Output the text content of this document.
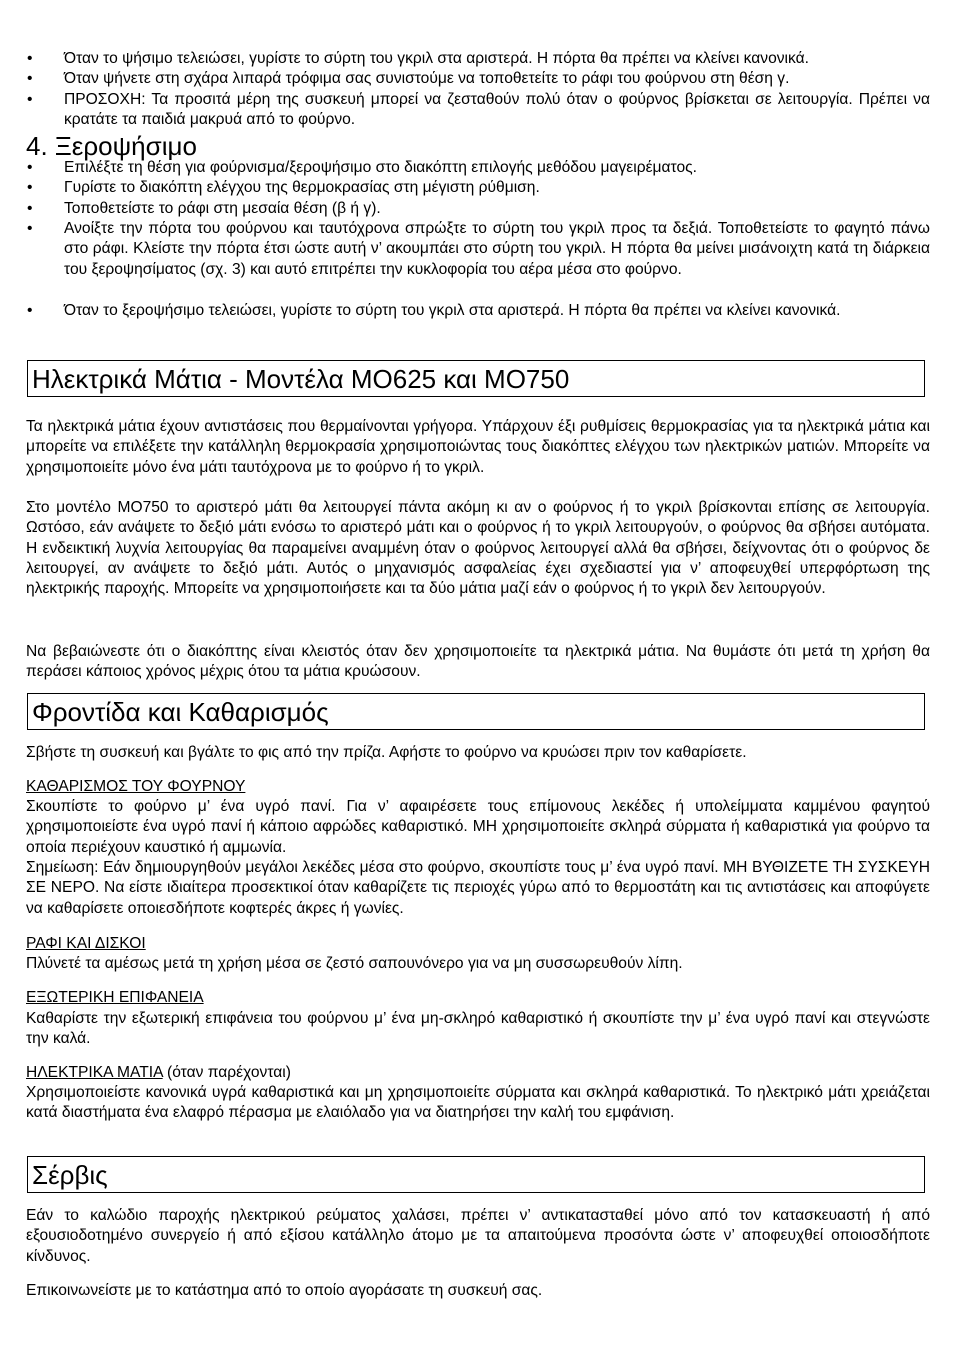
• Όταν το ψήσιμο τελειώσει, γυρίστε το σύρτη του γκριλ στα αριστερά. Η πόρτα θα πρέπει να κλείνει κανονικά.
• Όταν ψήνετε στη σχάρα λιπαρά τρόφιμα σας συνιστούμε να τοποθετείτε το ράφι του φούρνου στη θέση γ.
• ΠΡΟΣΟΧΗ: Τα προσιτά μέρη της συσκευή μπορεί να ζεσταθούν πολύ όταν ο φούρνος βρίσκεται σε λειτουργία. Πρέπει να κρατάτε τα παιδιά μακρυά από το φούρνο.
4. Ξεροψήσιμο
• Επιλέξτε τη θέση για φούρνισμα/ξεροψήσιμο στο διακόπτη επιλογής μεθόδου μαγειρέματος.
• Γυρίστε το διακόπτη ελέγχου της θερμοκρασίας στη μέγιστη ρύθμιση.
• Τοποθετείστε το ράφι στη μεσαία θέση (β ή γ).
• Ανοίξτε την πόρτα του φούρνου και ταυτόχρονα σπρώξτε το σύρτη του γκριλ προς τα δεξιά. Τοποθετείστε το φαγητό πάνω στο ράφι. Κλείστε την πόρτα έτσι ώστε αυτή ν’ ακουμπάει στο σύρτη του γκριλ. Η πόρτα θα μείνει μισάνοιχτη κατά τη διάρκεια του ξεροψησίματος (σχ. 3) και αυτό επιτρέπει την κυκλοφορία του αέρα μέσα στο φούρνο.
• Όταν το ξεροψήσιμο τελειώσει, γυρίστε το σύρτη του γκριλ στα αριστερά. Η πόρτα θα πρέπει να κλείνει κανονικά.
Ηλεκτρικά Μάτια - Μοντέλα MO625 και MO750
Τα ηλεκτρικά μάτια έχουν αντιστάσεις που θερμαίνονται γρήγορα. Υπάρχουν έξι ρυθμίσεις θερμοκρασίας για τα ηλεκτρικά μάτια και μπορείτε να επιλέξετε την κατάλληλη θερμοκρασία χρησιμοποιώντας τους διακόπτες ελέγχου των ηλεκτρικών ματιών. Μπορείτε να χρησιμοποιείτε μόνο ένα μάτι ταυτόχρονα με το φούρνο ή το γκριλ.
Στο μοντέλο MO750 το αριστερό μάτι θα λειτουργεί πάντα ακόμη κι αν ο φούρνος ή το γκριλ βρίσκονται επίσης σε λειτουργία. Ωστόσο, εάν ανάψετε το δεξιό μάτι ενόσω το αριστερό μάτι και ο φούρνος ή το γκριλ λειτουργούν, ο φούρνος θα σβήσει αυτόματα. Η ενδεικτική λυχνία λειτουργίας θα παραμείνει αναμμένη όταν ο φούρνος λειτουργεί αλλά θα σβήσει, δείχνοντας ότι ο φούρνος δε λειτουργεί, αν ανάψετε το δεξιό μάτι. Αυτός ο μηχανισμός ασφαλείας έχει σχεδιαστεί για ν’ αποφευχθεί υπερφόρτωση της ηλεκτρικής παροχής. Μπορείτε να χρησιμοποιήσετε και τα δύο μάτια μαζί εάν ο φούρνος ή το γκριλ δεν λειτουργούν.
Να βεβαιώνεστε ότι ο διακόπτης είναι κλειστός όταν δεν χρησιμοποιείτε τα ηλεκτρικά μάτια. Να θυμάστε ότι μετά τη χρήση θα περάσει κάποιος χρόνος μέχρις ότου τα μάτια κρυώσουν.
Φροντίδα και Καθαρισμός
Σβήστε τη συσκευή και βγάλτε το φις από την πρίζα. Αφήστε το φούρνο να κρυώσει πριν τον καθαρίσετε.
ΚΑΘΑΡΙΣΜΟΣ ΤΟΥ ΦΟΥΡΝΟΥ
Σκουπίστε το φούρνο μ’ ένα υγρό πανί. Για ν’ αφαιρέσετε τους επίμονους λεκέδες ή υπολείμματα καμμένου φαγητού χρησιμοποιείστε ένα υγρό πανί ή κάποιο αφρώδες καθαριστικό. ΜΗ χρησιμοποιείτε σκληρά σύρματα ή καθαριστικά για φούρνο τα οποία περιέχουν καυστικό ή αμμωνία.
Σημείωση: Εάν δημιουργηθούν μεγάλοι λεκέδες μέσα στο φούρνο, σκουπίστε τους μ’ ένα υγρό πανί. ΜΗ ΒΥΘΙΖΕΤΕ ΤΗ ΣΥΣΚΕΥΗ ΣΕ ΝΕΡΟ. Να είστε ιδιαίτερα προσεκτικοί όταν καθαρίζετε τις περιοχές γύρω από το θερμοστάτη και τις αντιστάσεις και αποφύγετε να καθαρίσετε οποιεσδήποτε κοφτερές άκρες ή γωνίες.
ΡΑΦΙ ΚΑΙ ΔΙΣΚΟΙ
Πλύνετέ τα αμέσως μετά τη χρήση μέσα σε ζεστό σαπουνόνερο για να μη συσσωρευθούν λίπη.
ΕΞΩΤΕΡΙΚΗ ΕΠΙΦΑΝΕΙΑ
Καθαρίστε την εξωτερική επιφάνεια του φούρνου μ’ ένα μη-σκληρό καθαριστικό ή σκουπίστε την μ’ ένα υγρό πανί και στεγνώστε την καλά.
ΗΛΕΚΤΡΙΚΑ ΜΑΤΙΑ (όταν παρέχονται)
Χρησιμοποιείστε κανονικά υγρά καθαριστικά και μη χρησιμοποιείτε σύρματα και σκληρά καθαριστικά. Το ηλεκτρικό μάτι χρειάζεται κατά διαστήματα ένα ελαφρό πέρασμα με ελαιόλαδο για να διατηρήσει την καλή του εμφάνιση.
Σέρβις
Εάν το καλώδιο παροχής ηλεκτρικού ρεύματος χαλάσει, πρέπει ν’ αντικατασταθεί μόνο από τον κατασκευαστή ή από εξουσιοδοτημένο συνεργείο ή από εξίσου κατάλληλο άτομο με τα απαιτούμενα προσόντα ώστε ν’ αποφευχθεί οποιοσδήποτε κίνδυνος.
Επικοινωνείστε με το κατάστημα από το οποίο αγοράσατε τη συσκευή σας.
